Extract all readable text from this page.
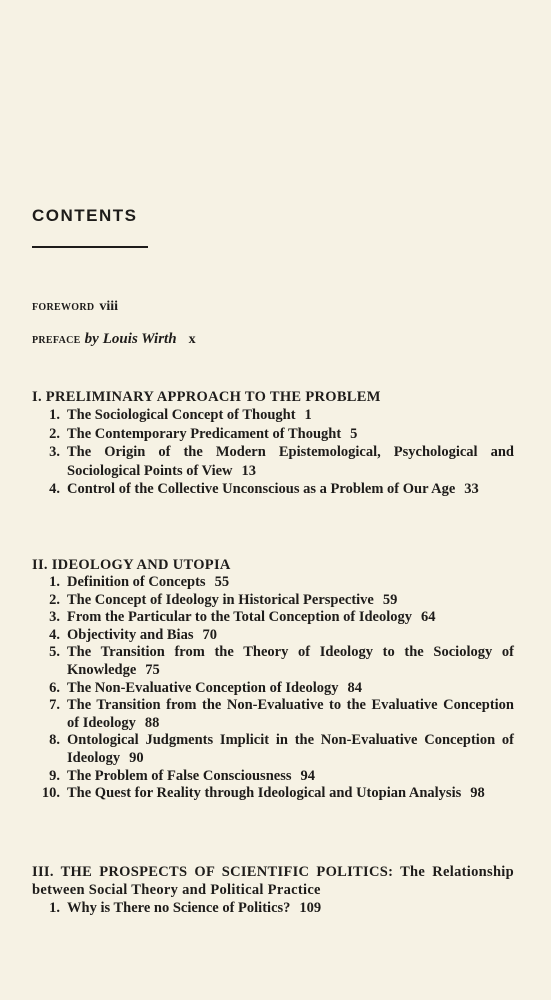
CONTENTS
FOREWORD viii
PREFACE by Louis Wirth x
I. PRELIMINARY APPROACH TO THE PROBLEM
1. The Sociological Concept of Thought 1
2. The Contemporary Predicament of Thought 5
3. The Origin of the Modern Epistemological, Psychological and Sociological Points of View 13
4. Control of the Collective Unconscious as a Problem of Our Age 33
II. IDEOLOGY AND UTOPIA
1. Definition of Concepts 55
2. The Concept of Ideology in Historical Perspective 59
3. From the Particular to the Total Conception of Ideology 64
4. Objectivity and Bias 70
5. The Transition from the Theory of Ideology to the Sociology of Knowledge 75
6. The Non-Evaluative Conception of Ideology 84
7. The Transition from the Non-Evaluative to the Evaluative Conception of Ideology 88
8. Ontological Judgments Implicit in the Non-Evaluative Conception of Ideology 90
9. The Problem of False Consciousness 94
10. The Quest for Reality through Ideological and Utopian Analysis 98
III. THE PROSPECTS OF SCIENTIFIC POLITICS: The Relationship between Social Theory and Political Practice
1. Why is There no Science of Politics? 109
